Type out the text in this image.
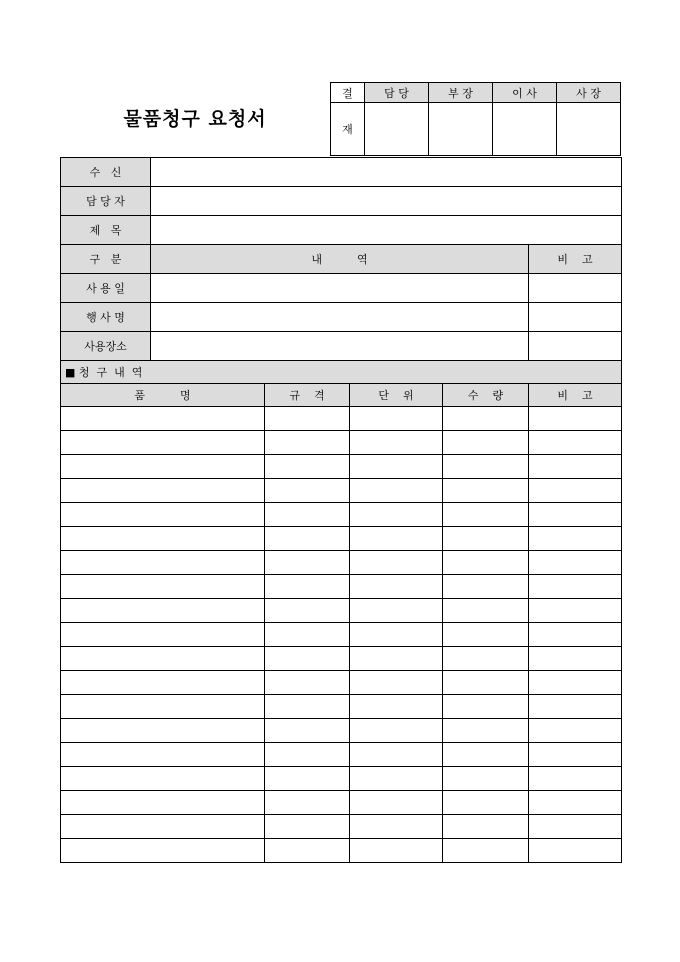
물품청구 요청서
결	담 당	부 장	이 사	사 장
재				
수   신					
담 당 자					
제   목					
구   분	내          역				비    고
사 용 일					
행 사 명					
사용장소					
■ 청  구  내  역					
품          명		규    격	단    위	수    량	비    고
